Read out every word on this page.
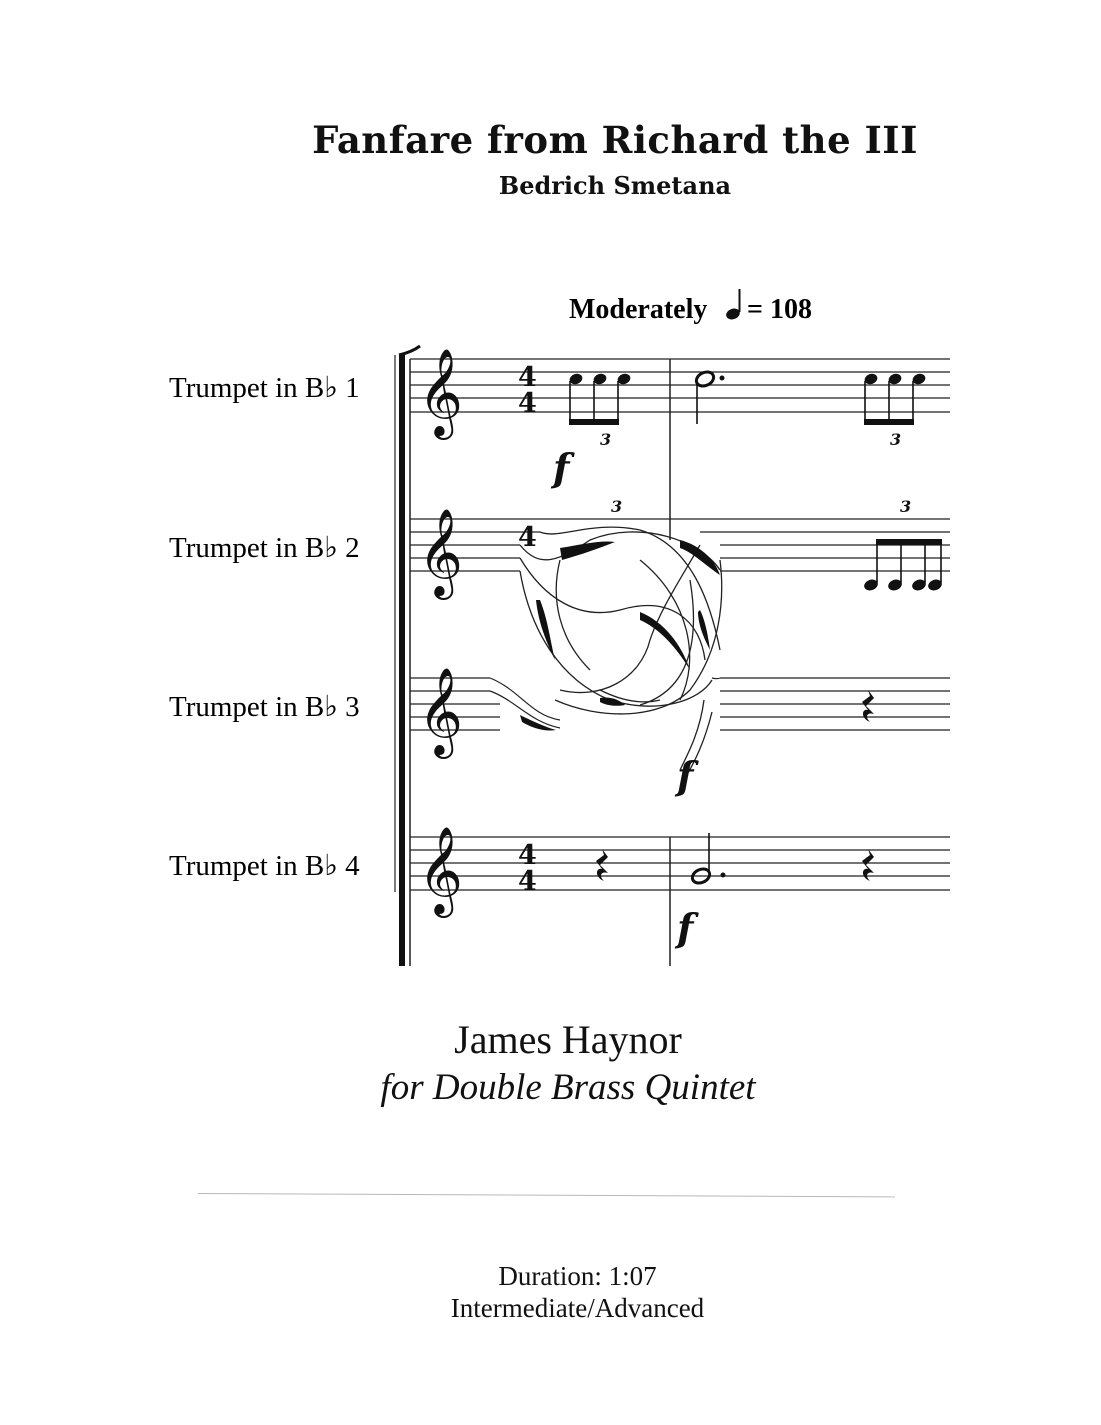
Fanfare from Richard the III
Bedrich Smetana
Moderately = 108
Trumpet in B♭ 1
Trumpet in B♭ 2
Trumpet in B♭ 3
Trumpet in B♭ 4
𝄞 4
4
3
f
3
𝄞 4
3	3
𝄞
f
𝄞 4
4
f
James Haynor
for Double Brass Quintet
Duration: 1:07
Intermediate/Advanced
